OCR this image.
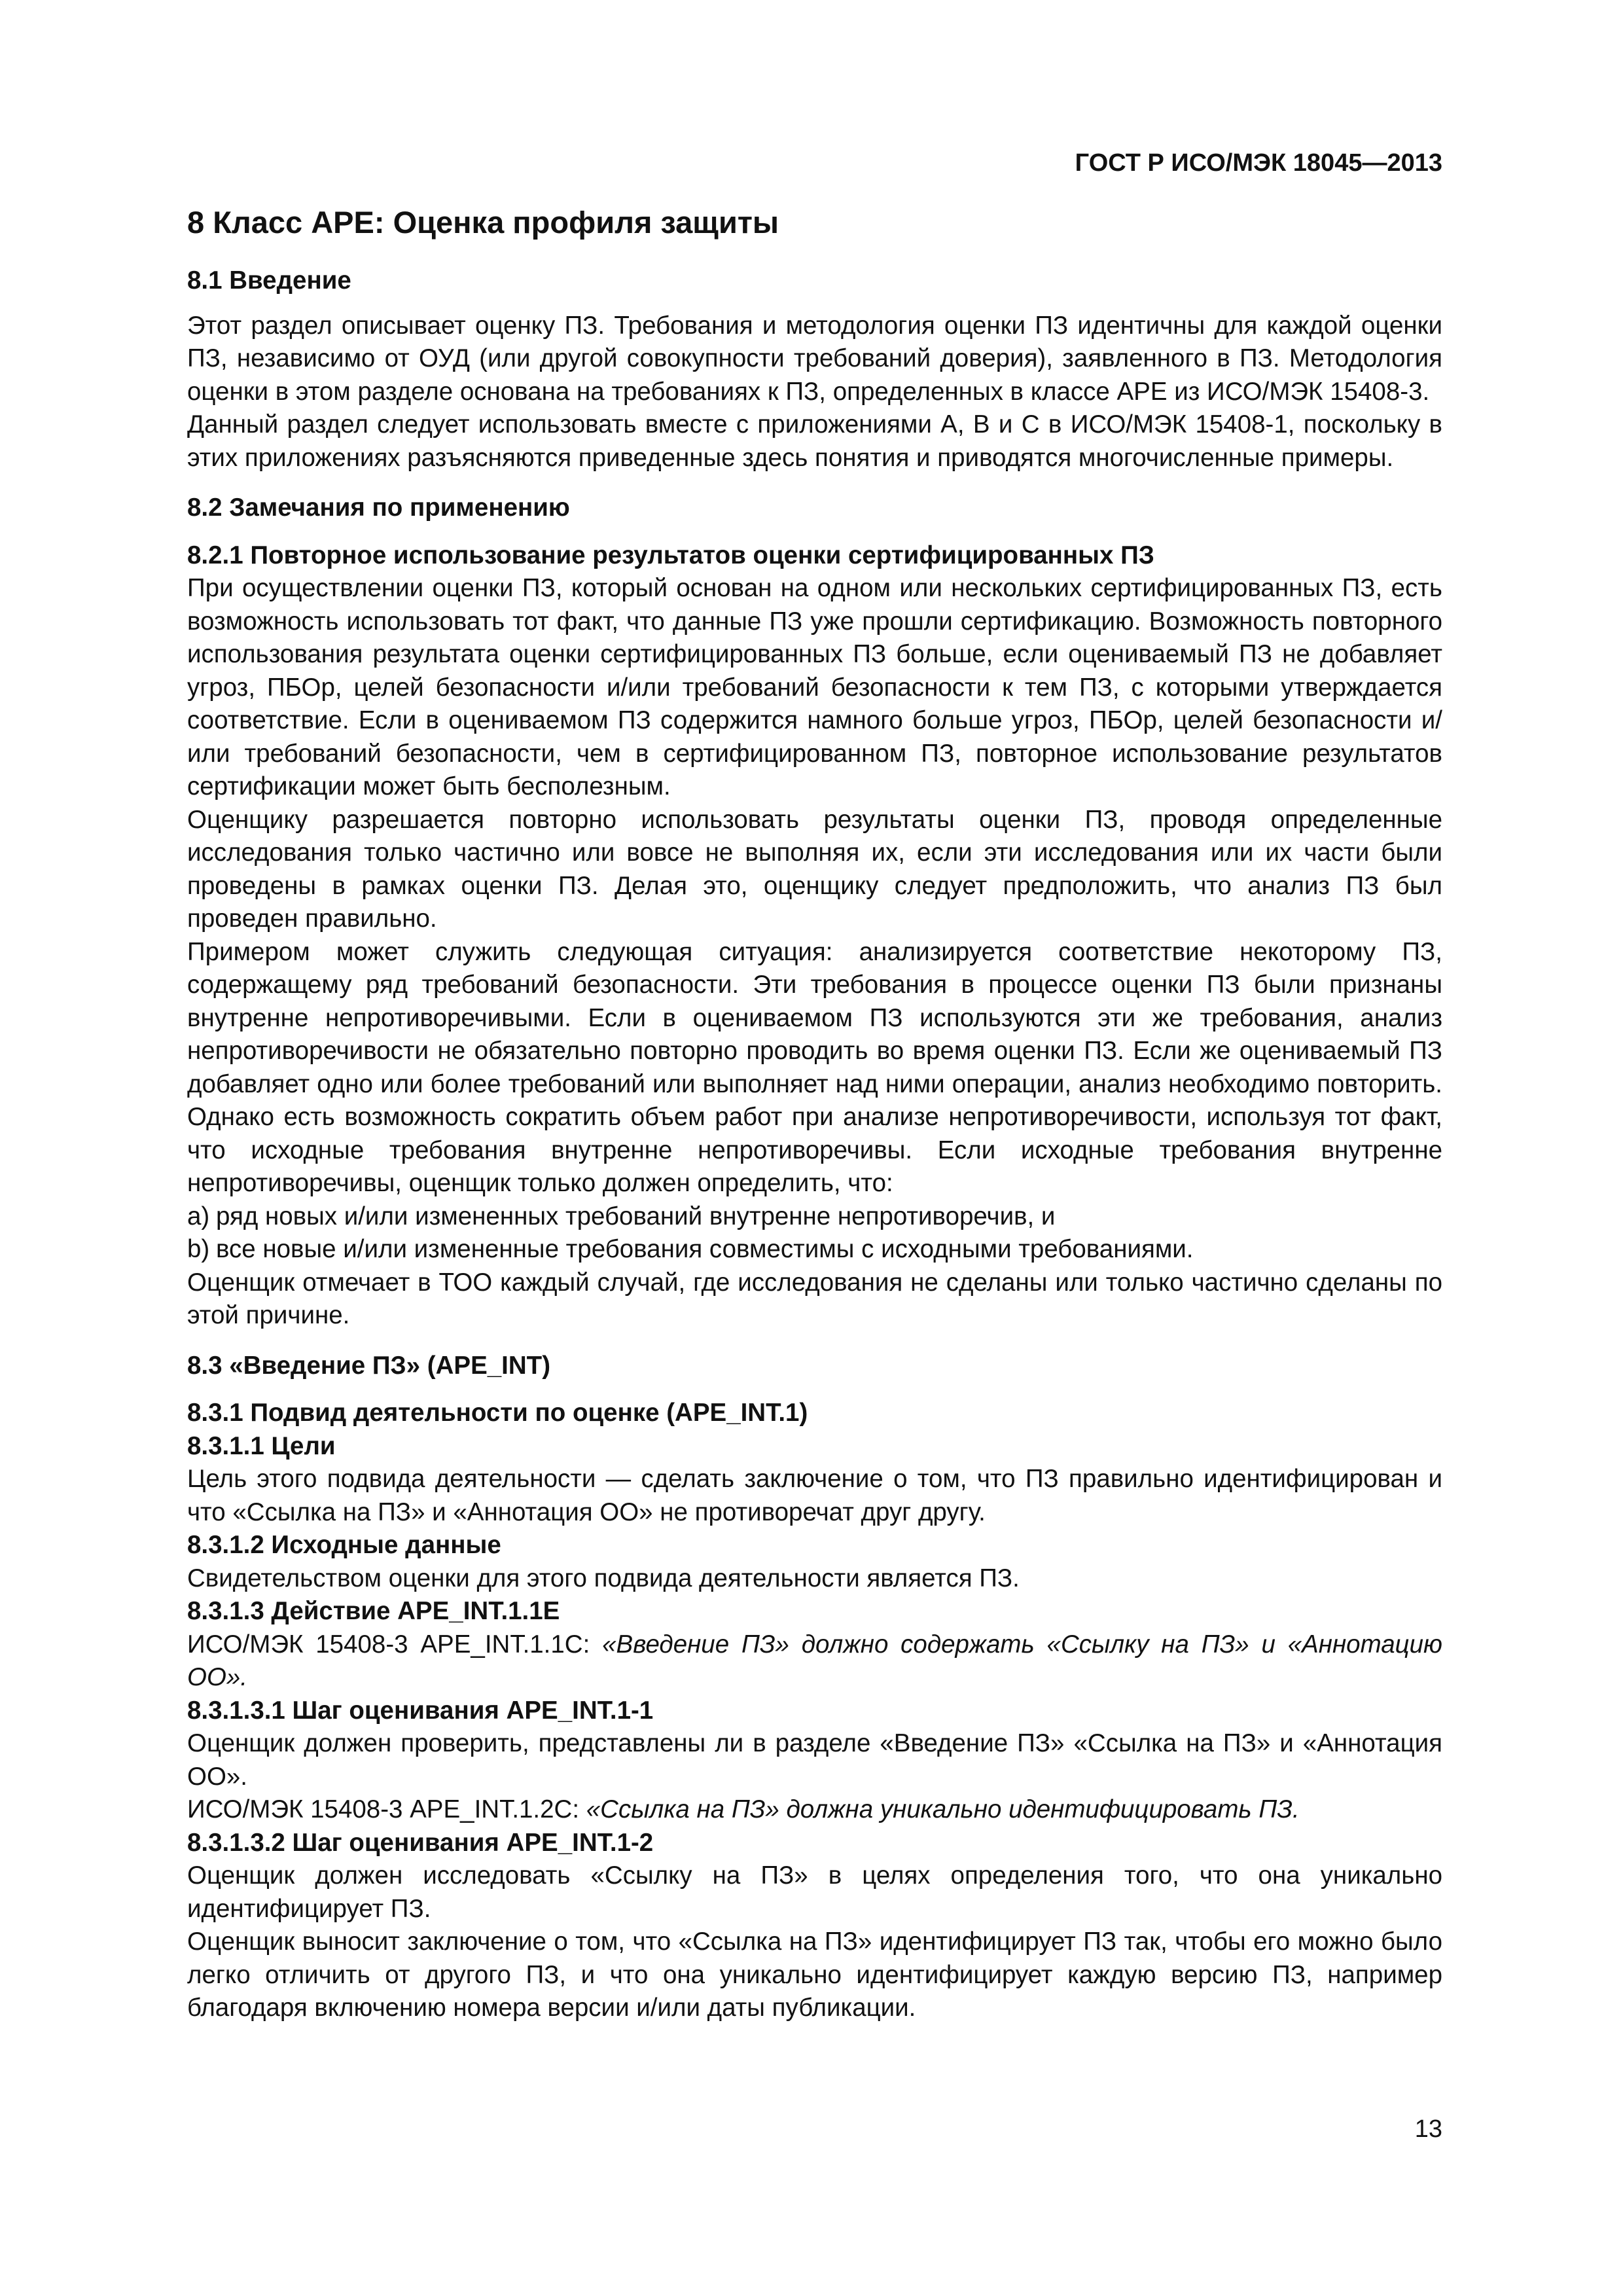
ГОСТ Р ИСО/МЭК 18045—2013
8 Класс APE: Оценка профиля защиты
8.1 Введение

Этот раздел описывает оценку ПЗ. Требования и методология оценки ПЗ идентичны для каждой оценки ПЗ, независимо от ОУД (или другой совокупности требований доверия), заявленного в ПЗ. Методология оценки в этом разделе основана на требованиях к ПЗ, определенных в классе APE из ИСО/МЭК 15408-3.

Данный раздел следует использовать вместе с приложениями А, В и С в ИСО/МЭК 15408-1, поскольку в этих приложениях разъясняются приведенные здесь понятия и приводятся многочисленные примеры.

8.2 Замечания по применению
8.2.1 Повторное использование результатов оценки сертифицированных ПЗ

При осуществлении оценки ПЗ, который основан на одном или нескольких сертифицированных ПЗ, есть возможность использовать тот факт, что данные ПЗ уже прошли сертификацию. Возможность повторного использования результата оценки сертифицированных ПЗ больше, если оцениваемый ПЗ не добавляет угроз, ПБОр, целей безопасности и/или требований безопасности к тем ПЗ, с которыми утверждается соответствие. Если в оцениваемом ПЗ содержится намного больше угроз, ПБОр, целей безопасности и/или требований безопасности, чем в сертифицированном ПЗ, повторное использование результатов сертификации может быть бесполезным.

Оценщику разрешается повторно использовать результаты оценки ПЗ, проводя определенные исследования только частично или вовсе не выполняя их, если эти исследования или их части были проведены в рамках оценки ПЗ. Делая это, оценщику следует предположить, что анализ ПЗ был проведен правильно.

Примером может служить следующая ситуация: анализируется соответствие некоторому ПЗ, содержащему ряд требований безопасности. Эти требования в процессе оценки ПЗ были признаны внутренне непротиворечивыми. Если в оцениваемом ПЗ используются эти же требования, анализ непротиворечивости не обязательно повторно проводить во время оценки ПЗ. Если же оцениваемый ПЗ добавляет одно или более требований или выполняет над ними операции, анализ необходимо повторить. Однако есть возможность сократить объем работ при анализе непротиворечивости, используя тот факт, что исходные требования внутренне непротиворечивы. Если исходные требования внутренне непротиворечивы, оценщик только должен определить, что:

a) ряд новых и/или измененных требований внутренне непротиворечив, и
b) все новые и/или измененные требования совместимы с исходными требованиями.

Оценщик отмечает в ТОО каждый случай, где исследования не сделаны или только частично сделаны по этой причине.

8.3 «Введение ПЗ» (APE_INT)
8.3.1 Подвид деятельности по оценке (APE_INT.1)
8.3.1.1 Цели

Цель этого подвида деятельности — сделать заключение о том, что ПЗ правильно идентифицирован и что «Ссылка на ПЗ» и «Аннотация ОО» не противоречат друг другу.

8.3.1.2 Исходные данные

Свидетельством оценки для этого подвида деятельности является ПЗ.

8.3.1.3 Действие APE_INT.1.1E

ИСО/МЭК 15408-3 APE_INT.1.1C: «Введение ПЗ» должно содержать «Ссылку на ПЗ» и «Аннотацию ОО».

8.3.1.3.1 Шаг оценивания APE_INT.1-1

Оценщик должен проверить, представлены ли в разделе «Введение ПЗ» «Ссылка на ПЗ» и «Аннотация ОО».

ИСО/МЭК 15408-3 APE_INT.1.2C: «Ссылка на ПЗ» должна уникально идентифицировать ПЗ.

8.3.1.3.2 Шаг оценивания APE_INT.1-2

Оценщик должен исследовать «Ссылку на ПЗ» в целях определения того, что она уникально идентифицирует ПЗ.

Оценщик выносит заключение о том, что «Ссылка на ПЗ» идентифицирует ПЗ так, чтобы его можно было легко отличить от другого ПЗ, и что она уникально идентифицирует каждую версию ПЗ, например благодаря включению номера версии и/или даты публикации.

13
